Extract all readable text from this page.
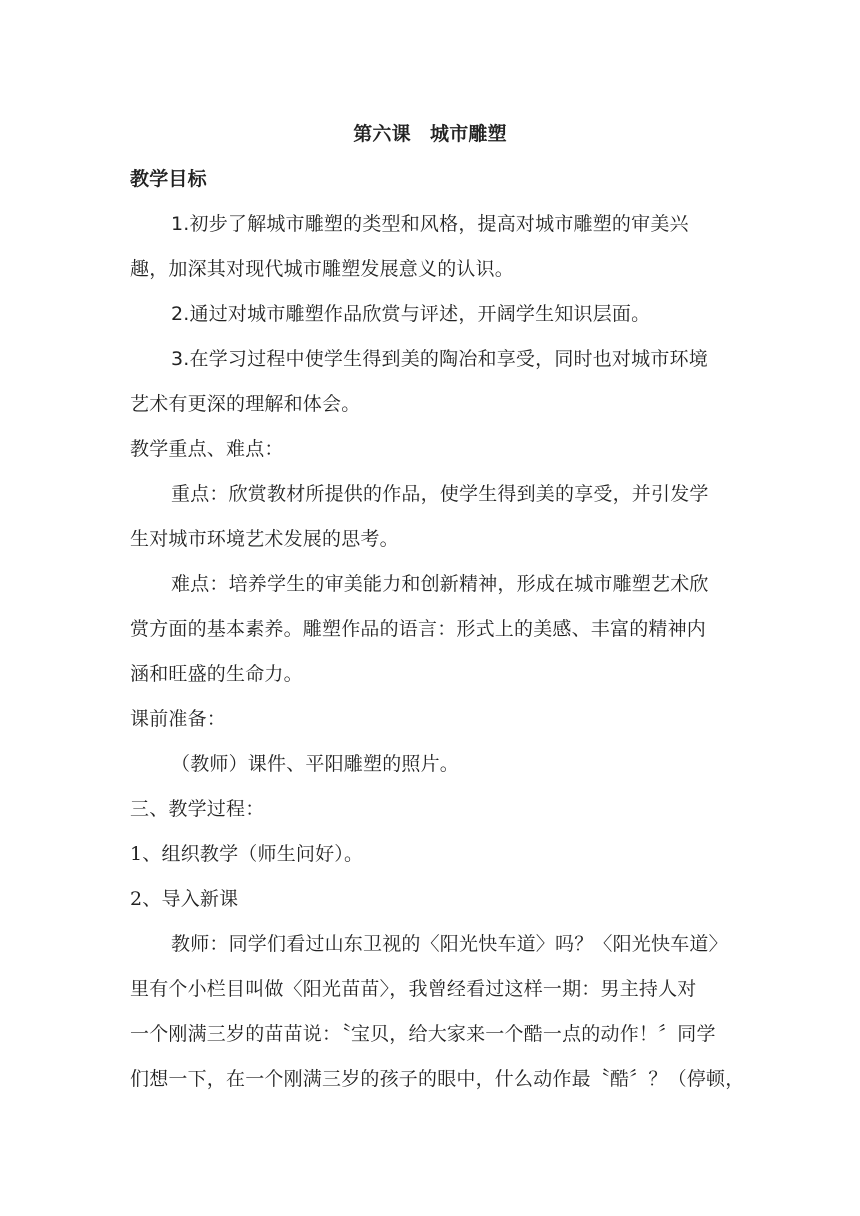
第六课　城市雕塑
教学目标
1.初步了解城市雕塑的类型和风格，提高对城市雕塑的审美兴
趣，加深其对现代城市雕塑发展意义的认识。
2.通过对城市雕塑作品欣赏与评述，开阔学生知识层面。
3.在学习过程中使学生得到美的陶冶和享受，同时也对城市环境
艺术有更深的理解和体会。
教学重点、难点：
重点：欣赏教材所提供的作品，使学生得到美的享受，并引发学
生对城市环境艺术发展的思考。
难点：培养学生的审美能力和创新精神，形成在城市雕塑艺术欣
赏方面的基本素养。雕塑作品的语言：形式上的美感、丰富的精神内
涵和旺盛的生命力。
课前准备：
（教师）课件、平阳雕塑的照片。
三、教学过程：
1、组织教学（师生问好）。
2、导入新课
教师：同学们看过山东卫视的〈阳光快车道〉吗？〈阳光快车道〉
里有个小栏目叫做〈阳光苗苗〉，我曾经看过这样一期：男主持人对
一个刚满三岁的苗苗说：〝宝贝，给大家来一个酷一点的动作！〞同学
们想一下，在一个刚满三岁的孩子的眼中，什么动作最〝酷〞？（停顿，
